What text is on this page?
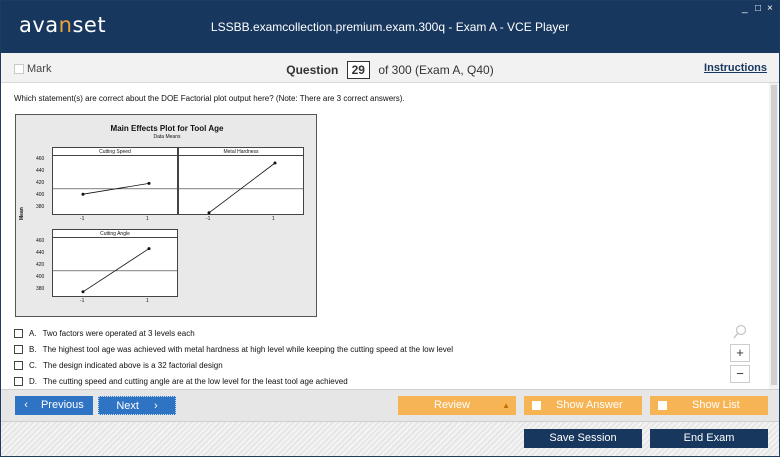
avanset	LSSBB.examcollection.premium.exam.300q - Exam A - VCE Player
_ □ ×
Mark	Question 29 of 300 (Exam A, Q40)	Instructions
Which statement(s) are correct about the DOE Factorial plot output here? (Note: There are 3 correct answers).
Main Effects Plot for Tool Age
Data Means
Mean
Cutting Speed
460
440
420
400
380
-1	1
Metal Hardness
-1	1
Cutting Angle
460
440
420
400
380
-1	1
A. Two factors were operated at 3 levels each
B. The highest tool age was achieved with metal hardness at high level while keeping the cutting speed at the low level
C. The design indicated above is a 32 factorial design
D. The cutting speed and cutting angle are at the low level for the least tool age achieved
+
−
‹ Previous	Next ›	Review	▲	Show Answer	Show List
Save Session	End Exam
